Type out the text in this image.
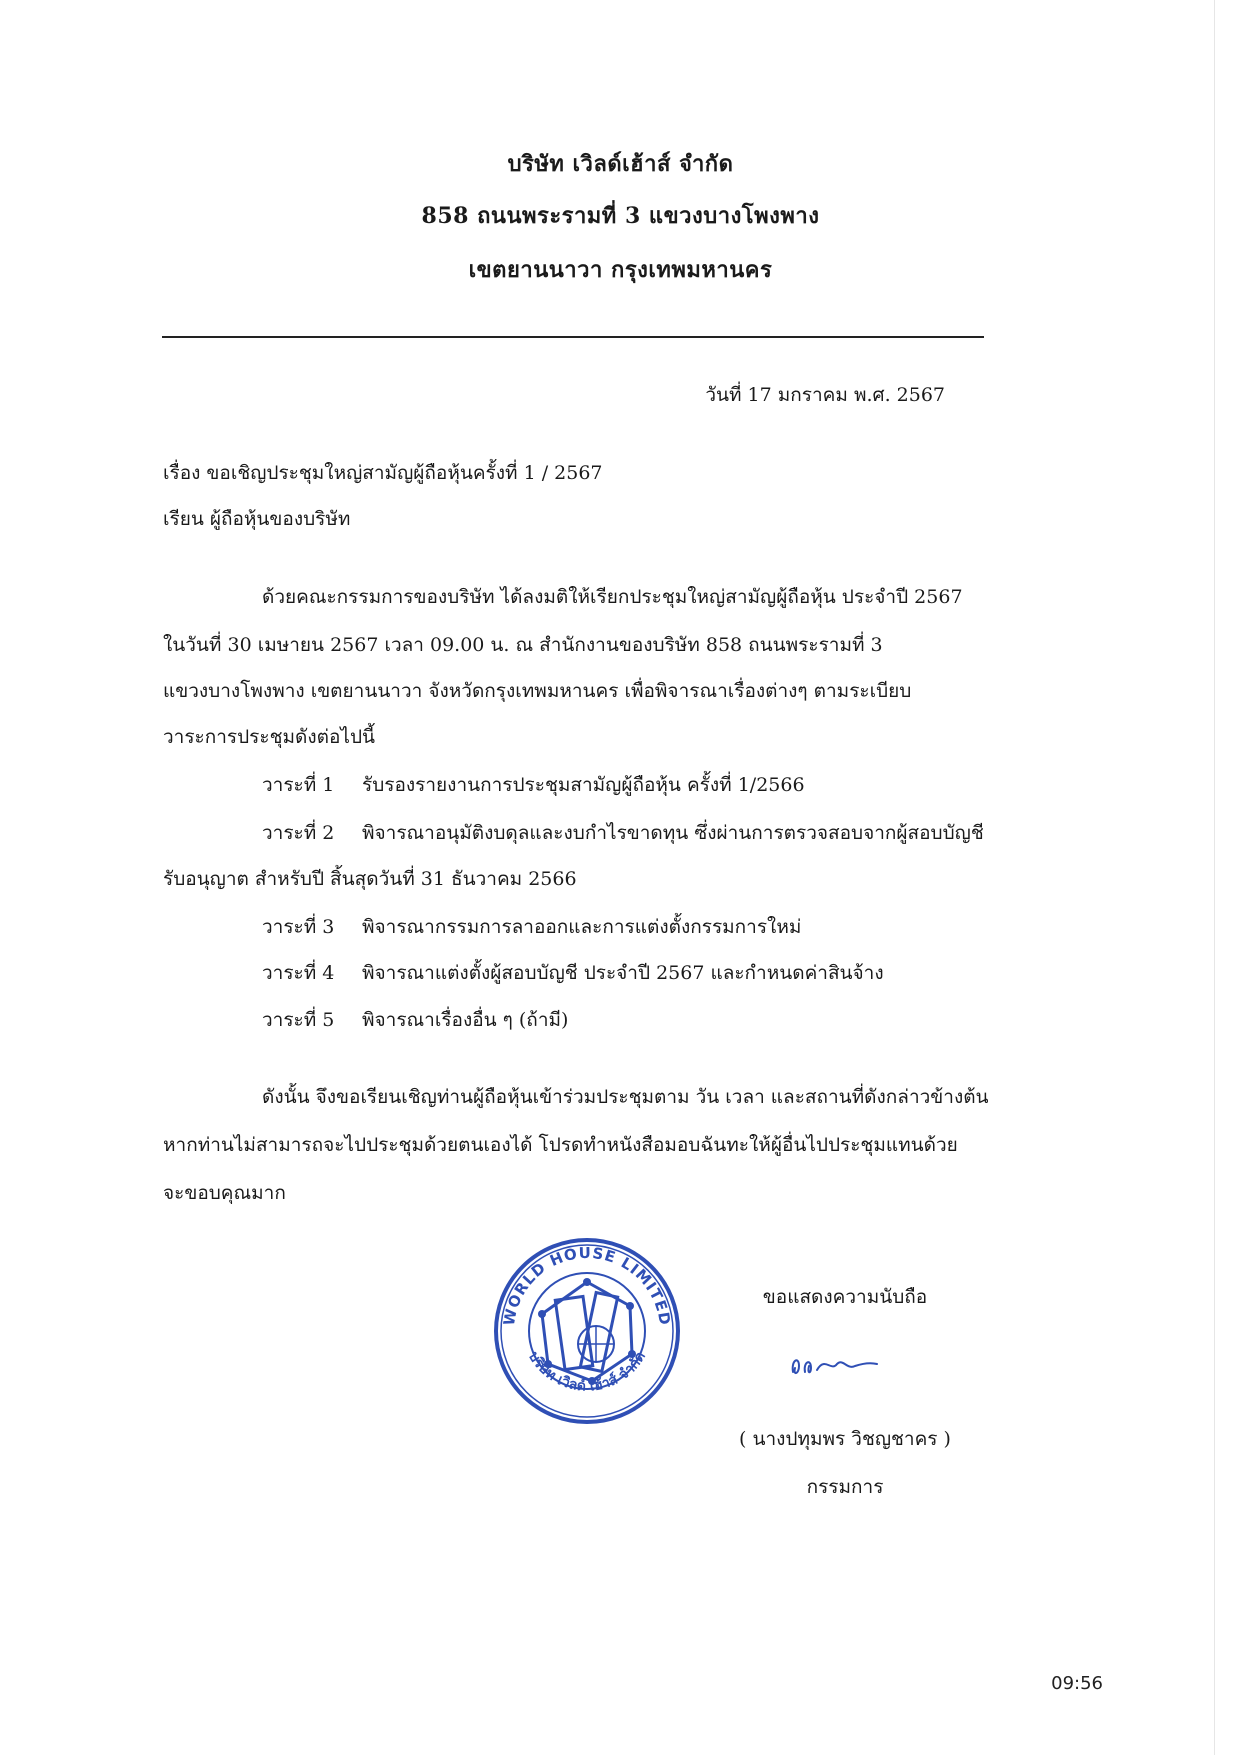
บริษัท เวิลด์เฮ้าส์ จำกัด
858 ถนนพระรามที่ 3 แขวงบางโพงพาง
เขตยานนาวา กรุงเทพมหานคร
วันที่ 17 มกราคม พ.ศ. 2567
เรื่อง ขอเชิญประชุมใหญ่สามัญผู้ถือหุ้นครั้งที่ 1 / 2567
เรียน ผู้ถือหุ้นของบริษัท
ด้วยคณะกรรมการของบริษัท ได้ลงมติให้เรียกประชุมใหญ่สามัญผู้ถือหุ้น ประจำปี 2567
ในวันที่ 30 เมษายน 2567 เวลา 09.00 น. ณ สำนักงานของบริษัท 858 ถนนพระรามที่ 3
แขวงบางโพงพาง เขตยานนาวา จังหวัดกรุงเทพมหานคร เพื่อพิจารณาเรื่องต่างๆ ตามระเบียบ
วาระการประชุมดังต่อไปนี้
วาระที่ 1 รับรองรายงานการประชุมสามัญผู้ถือหุ้น ครั้งที่ 1/2566
วาระที่ 2 พิจารณาอนุมัติงบดุลและงบกำไรขาดทุน ซึ่งผ่านการตรวจสอบจากผู้สอบบัญชี
รับอนุญาต สำหรับปี สิ้นสุดวันที่ 31 ธันวาคม 2566
วาระที่ 3 พิจารณากรรมการลาออกและการแต่งตั้งกรรมการใหม่
วาระที่ 4 พิจารณาแต่งตั้งผู้สอบบัญชี ประจำปี 2567 และกำหนดค่าสินจ้าง
วาระที่ 5 พิจารณาเรื่องอื่น ๆ (ถ้ามี)
ดังนั้น จึงขอเรียนเชิญท่านผู้ถือหุ้นเข้าร่วมประชุมตาม วัน เวลา และสถานที่ดังกล่าวข้างต้น
หากท่านไม่สามารถจะไปประชุมด้วยตนเองได้ โปรดทำหนังสือมอบฉันทะให้ผู้อื่นไปประชุมแทนด้วย
จะขอบคุณมาก
WORLD HOUSE LIMITED
บริษัท เวิลด์ เฮ้าส์ จำกัด
ขอแสดงความนับถือ
( นางปทุมพร วิชญชาคร )
กรรมการ
09:56
